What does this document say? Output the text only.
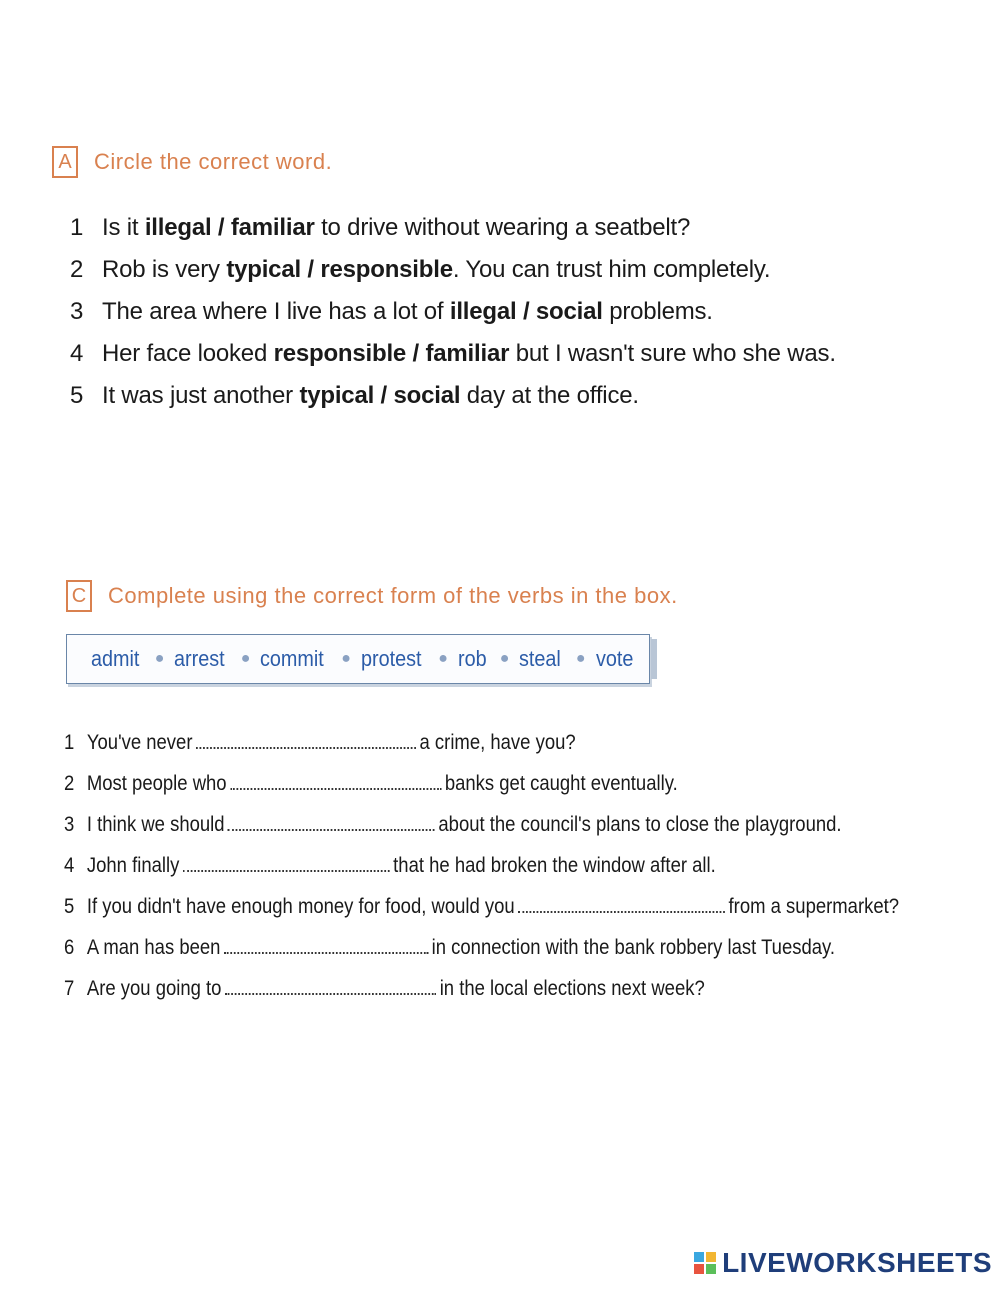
A Circle the correct word.
1 Is it illegal / familiar to drive without wearing a seatbelt?
2 Rob is very typical / responsible. You can trust him completely.
3 The area where I live has a lot of illegal / social problems.
4 Her face looked responsible / familiar but I wasn't sure who she was.
5 It was just another typical / social day at the office.
C Complete using the correct form of the verbs in the box.
admit ● arrest ● commit ● protest ● rob ● steal ● vote
1 You've never	a crime, have you?
2 Most people who	banks get caught eventually.
3 I think we should	about the council's plans to close the playground.
4 John finally	that he had broken the window after all.
5 If you didn't have enough money for food, would you	from a supermarket?
6 A man has been	in connection with the bank robbery last Tuesday.
7 Are you going to	in the local elections next week?
LIVEWORKSHEETS
